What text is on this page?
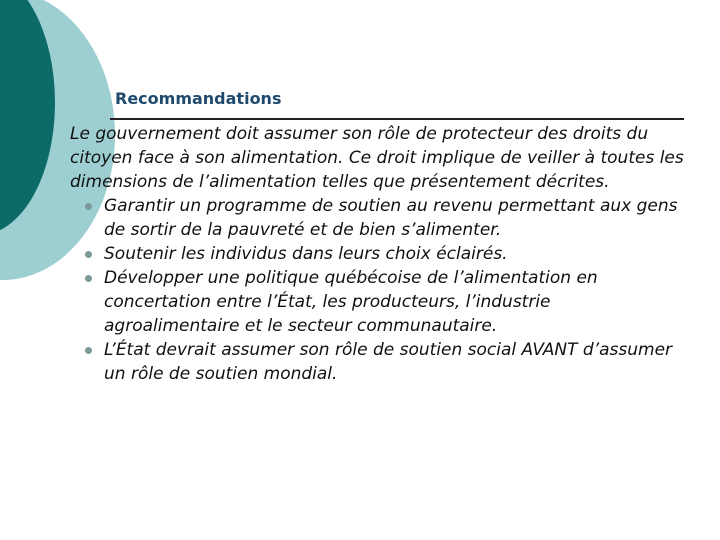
Recommandations

Le gouvernement doit assumer son rôle de protecteur des droits du citoyen face à son alimentation. Ce droit implique de veiller à toutes les dimensions de l’alimentation telles que présentement décrites.

Garantir un programme de soutien au revenu permettant aux gens de sortir de la pauvreté et de bien s’alimenter.
Soutenir les individus dans leurs choix éclairés.
Développer une politique québécoise de l’alimentation en concertation entre l’État, les producteurs, l’industrie agroalimentaire et le secteur communautaire.
L’État devrait assumer son rôle de soutien social AVANT d’assumer un rôle de soutien mondial.
